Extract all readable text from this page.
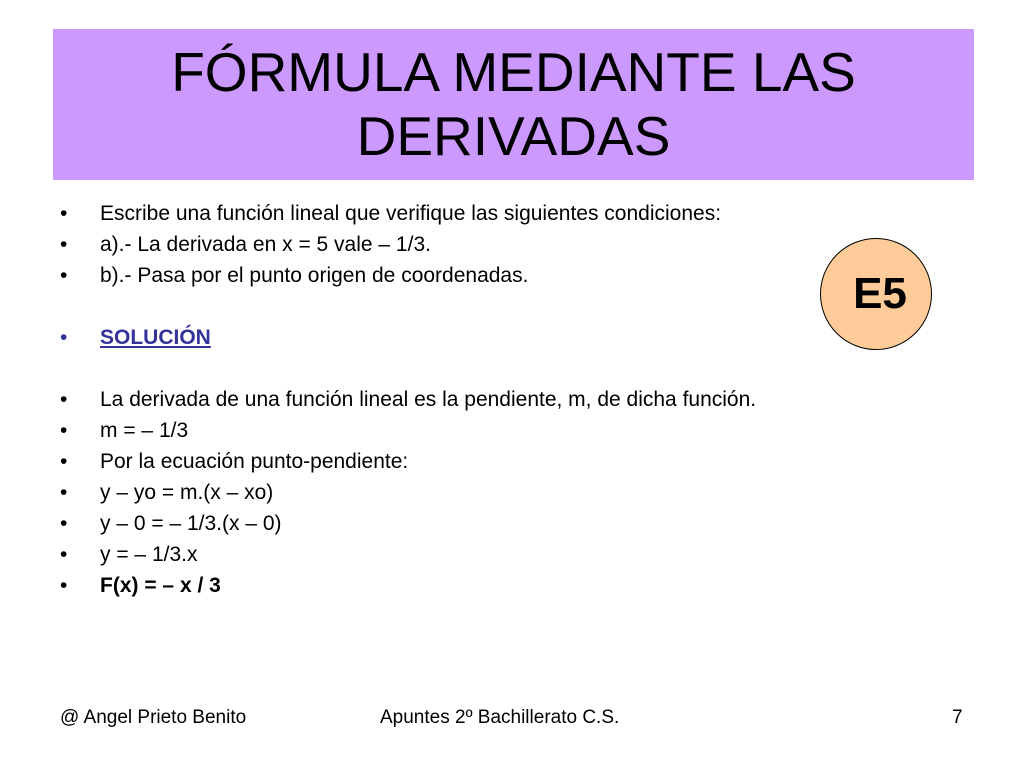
FÓRMULA MEDIANTE LAS
DERIVADAS
• Escribe una función lineal que verifique las siguientes condiciones:
• a).- La derivada en x = 5 vale – 1/3.
• b).- Pasa por el punto origen de coordenadas.
• SOLUCIÓN
• La derivada de una función lineal es la pendiente, m, de dicha función.
• m = – 1/3
• Por la ecuación punto-pendiente:
• y – yo = m.(x – xo)
• y – 0 = – 1/3.(x – 0)
• y = – 1/3.x
• F(x) = – x / 3
E5
@ Angel Prieto Benito	Apuntes 2º Bachillerato C.S.	7
